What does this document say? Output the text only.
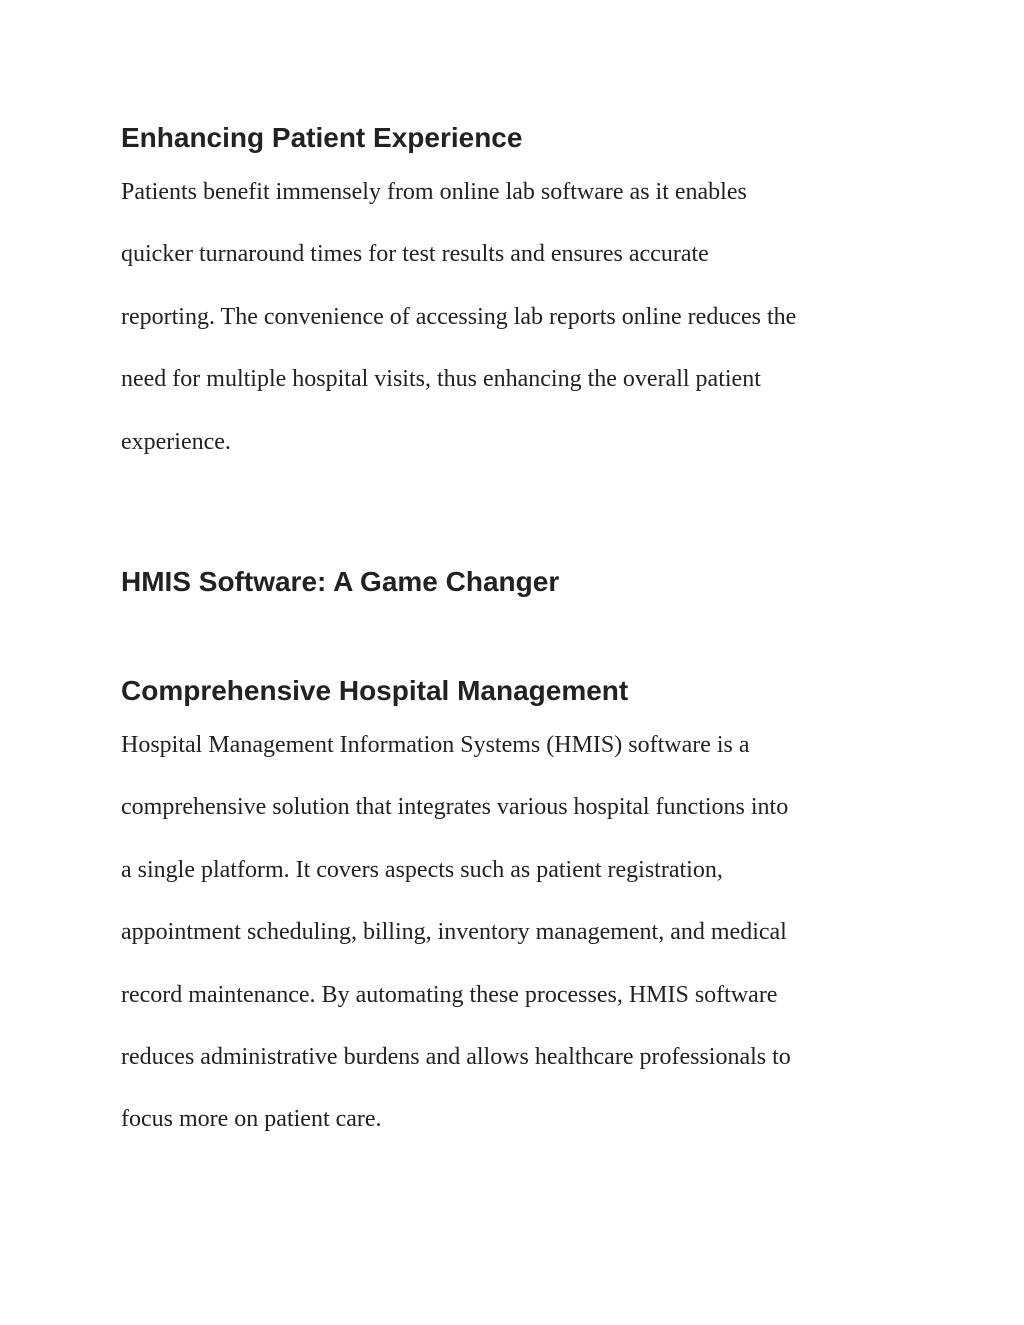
Enhancing Patient Experience
Patients benefit immensely from online lab software as it enables
quicker turnaround times for test results and ensures accurate
reporting. The convenience of accessing lab reports online reduces the
need for multiple hospital visits, thus enhancing the overall patient
experience.
HMIS Software: A Game Changer
Comprehensive Hospital Management
Hospital Management Information Systems (HMIS) software is a
comprehensive solution that integrates various hospital functions into
a single platform. It covers aspects such as patient registration,
appointment scheduling, billing, inventory management, and medical
record maintenance. By automating these processes, HMIS software
reduces administrative burdens and allows healthcare professionals to
focus more on patient care.
